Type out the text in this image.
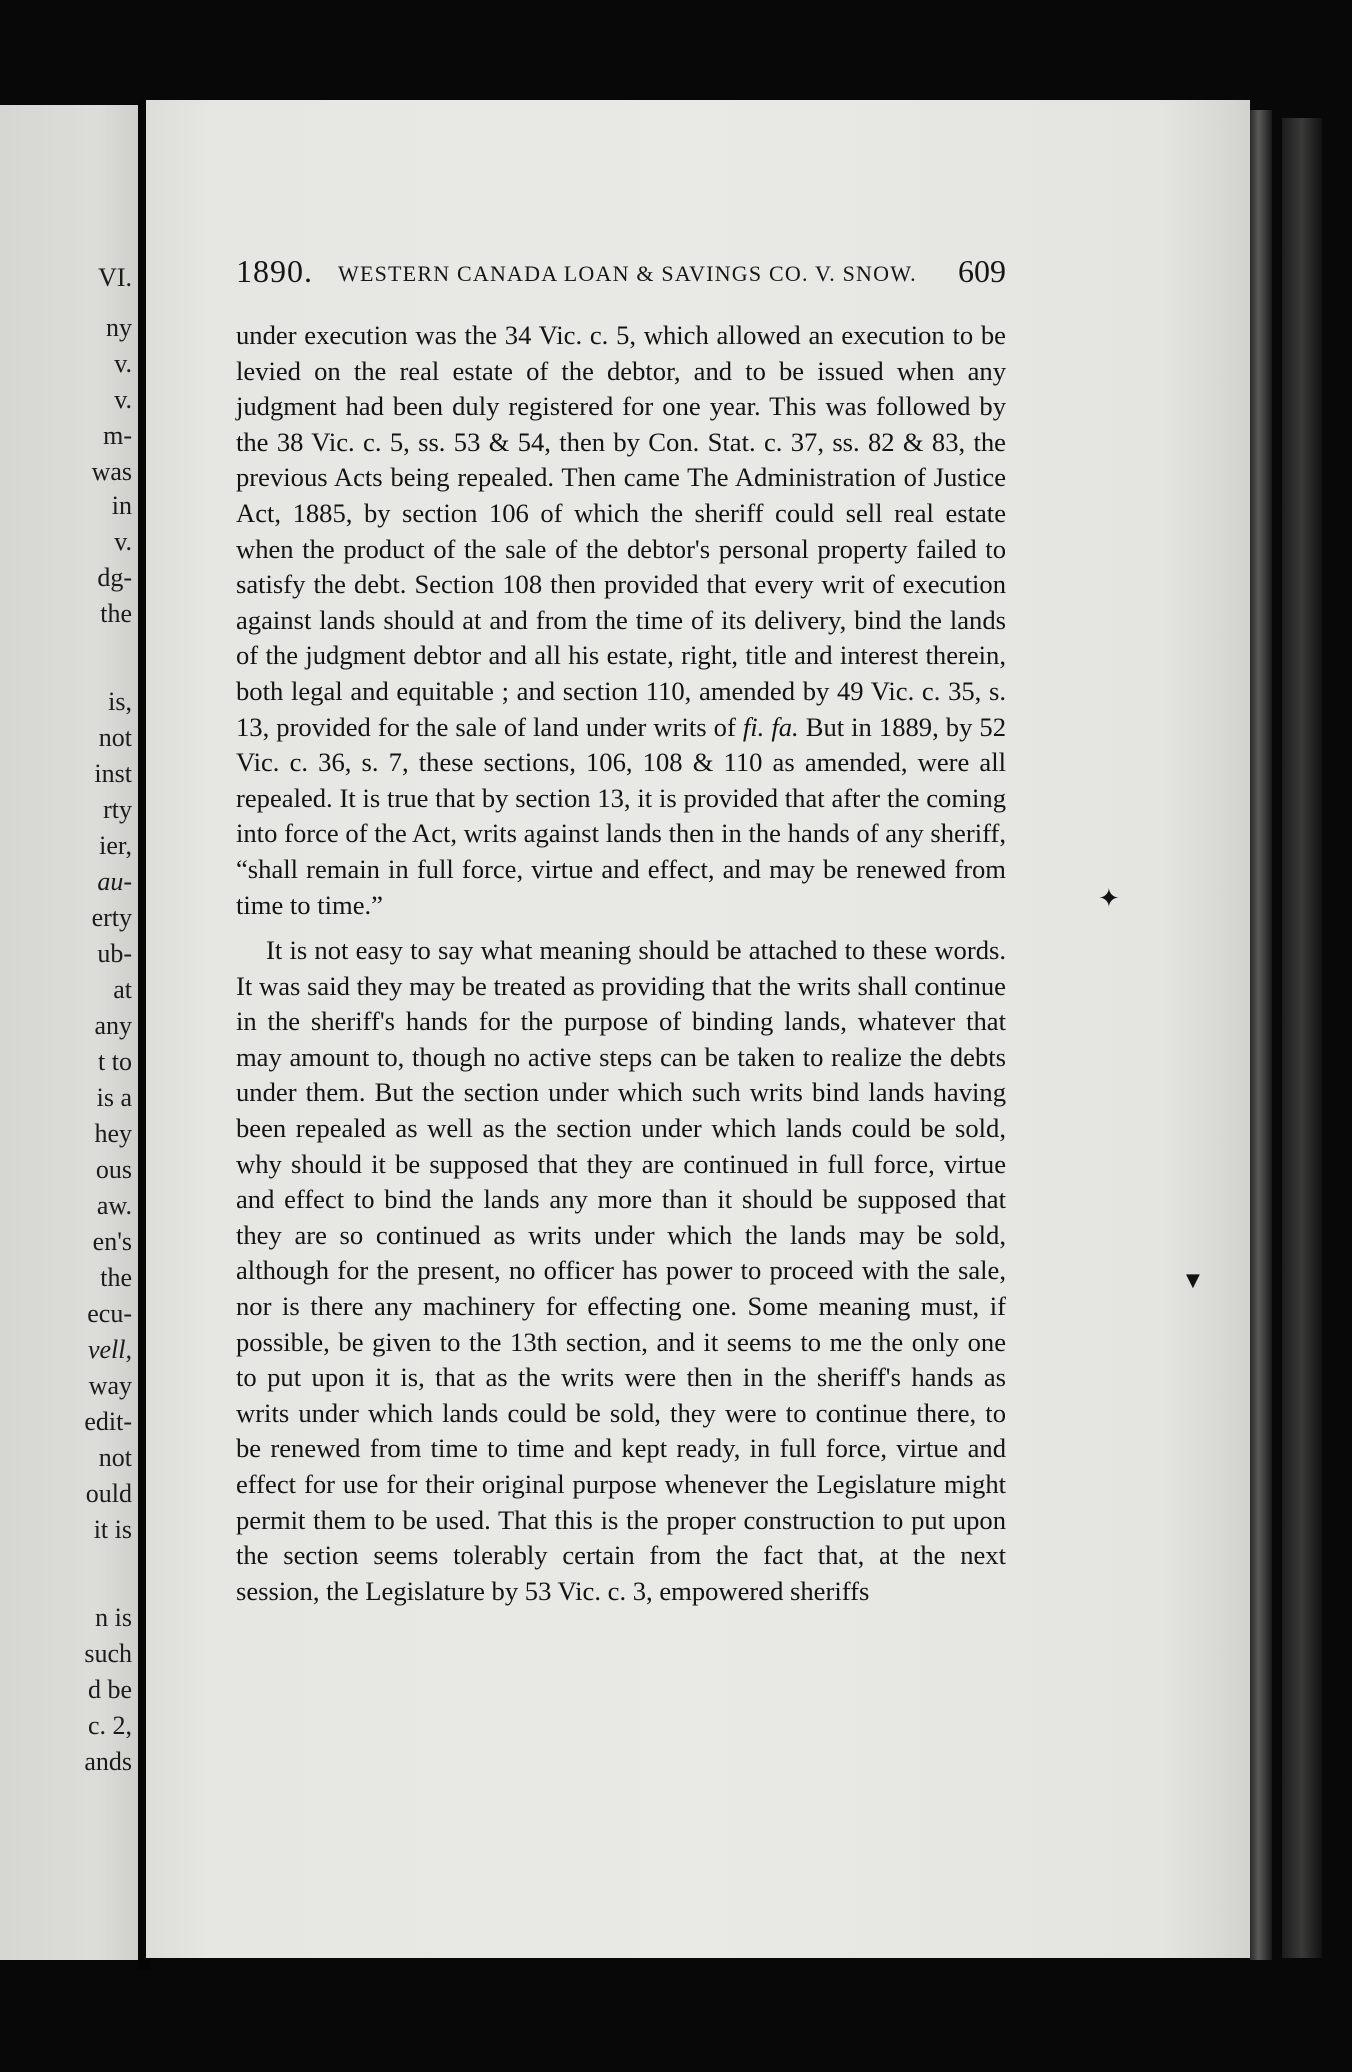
VI.
ny
v.
v.
m-
was
in
v.
dg-
the
is,
not
inst
rty
ier,
au-
erty
ub-
at
any
t to
is a
hey
ous
aw.
en's
the
ecu-
vell,
way
edit-
not
ould
it is
n is
such
d be
c. 2,
ands
1890. WESTERN CANADA LOAN & SAVINGS CO. V. SNOW. 609

under execution was the 34 Vic. c. 5, which allowed an execution to be levied on the real estate of the debtor, and to be issued when any judgment had been duly registered for one year. This was followed by the 38 Vic. c. 5, ss. 53 & 54, then by Con. Stat. c. 37, ss. 82 & 83, the previous Acts being repealed. Then came The Administration of Justice Act, 1885, by section 106 of which the sheriff could sell real estate when the product of the sale of the debtor's personal property failed to satisfy the debt. Section 108 then provided that every writ of execution against lands should at and from the time of its delivery, bind the lands of the judgment debtor and all his estate, right, title and interest therein, both legal and equitable ; and section 110, amended by 49 Vic. c. 35, s. 13, provided for the sale of land under writs of fi. fa. But in 1889, by 52 Vic. c. 36, s. 7, these sections, 106, 108 & 110 as amended, were all repealed. It is true that by section 13, it is provided that after the coming into force of the Act, writs against lands then in the hands of any sheriff, “shall remain in full force, virtue and effect, and may be renewed from time to time.”

It is not easy to say what meaning should be attached to these words. It was said they may be treated as providing that the writs shall continue in the sheriff's hands for the purpose of binding lands, whatever that may amount to, though no active steps can be taken to realize the debts under them. But the section under which such writs bind lands having been repealed as well as the section under which lands could be sold, why should it be supposed that they are continued in full force, virtue and effect to bind the lands any more than it should be supposed that they are so continued as writs under which the lands may be sold, although for the present, no officer has power to proceed with the sale, nor is there any machinery for effecting one. Some meaning must, if possible, be given to the 13th section, and it seems to me the only one to put upon it is, that as the writs were then in the sheriff's hands as writs under which lands could be sold, they were to continue there, to be renewed from time to time and kept ready, in full force, virtue and effect for use for their original purpose whenever the Legislature might permit them to be used. That this is the proper construction to put upon the section seems tolerably certain from the fact that, at the next session, the Legislature by 53 Vic. c. 3, empowered sheriffs

✦
▼
